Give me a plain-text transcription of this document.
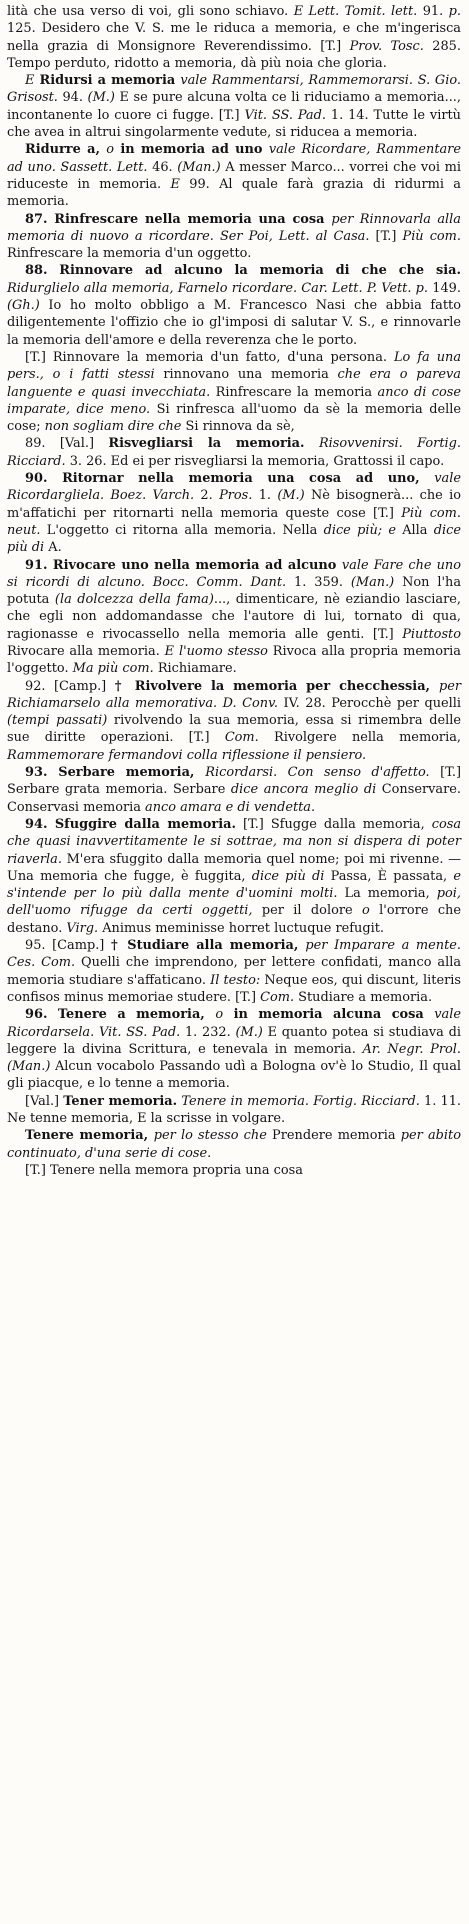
lità che usa verso di voi, gli sono schiavo. E Lett. Tomit. lett. 91. p. 125. Desidero che V. S. me le riduca a memoria, e che m'ingerisca nella grazia di Monsignore Reverendissimo. [T.] Prov. Tosc. 285. Tempo perduto, ridotto a memoria, dà più noia che gloria.

E Ridursi a memoria vale Rammentarsi, Rammemorarsi. S. Gio. Grisost. 94. (M.) E se pure alcuna volta ce li riduciamo a memoria..., incontanente lo cuore ci fugge. [T.] Vit. SS. Pad. 1. 14. Tutte le virtù che avea in altrui singolarmente vedute, si riducea a memoria.

Ridurre a, o in memoria ad uno vale Ricordare, Rammentare ad uno. Sassett. Lett. 46. (Man.) A messer Marco... vorrei che voi mi riduceste in memoria. E 99. Al quale farà grazia di ridurmi a memoria.

87. Rinfrescare nella memoria una cosa per Rinnovarla alla memoria di nuovo a ricordare. Ser Poi, Lett. al Casa. [T.] Più com. Rinfrescare la memoria d'un oggetto.

88. Rinnovare ad alcuno la memoria di che che sia. Ridurglielo alla memoria, Farnelo ricordare. Car. Lett. P. Vett. p. 149. (Gh.) Io ho molto obbligo a M. Francesco Nasi che abbia fatto diligentemente l'offizio che io gl'imposi di salutar V. S., e rinnovarle la memoria dell'amore e della reverenza che le porto.

[T.] Rinnovare la memoria d'un fatto, d'una persona. Lo fa una pers., o i fatti stessi rinnovano una memoria che era o pareva languente e quasi invecchiata. Rinfrescare la memoria anco di cose imparate, dice meno. Si rinfresca all'uomo da sè la memoria delle cose; non sogliam dire che Si rinnova da sè,

89. [Val.] Risvegliarsi la memoria. Risovvenirsi. Fortig. Ricciard. 3. 26. Ed ei per risvegliarsi la memoria, Grattossi il capo.

90. Ritornar nella memoria una cosa ad uno, vale Ricordargliela. Boez. Varch. 2. Pros. 1. (M.) Nè bisognerà... che io m'affatichi per ritornarti nella memoria queste cose [T.] Più com. neut. L'oggetto ci ritorna alla memoria. Nella dice più; e Alla dice più di A.

91. Rivocare uno nella memoria ad alcuno vale Fare che uno si ricordi di alcuno. Bocc. Comm. Dant. 1. 359. (Man.) Non l'ha potuta (la dolcezza della fama)..., dimenticare, nè eziandio lasciare, che egli non addomandasse che l'autore di lui, tornato di qua, ragionasse e rivocassello nella memoria alle genti. [T.] Piuttosto Rivocare alla memoria. E l'uomo stesso Rivoca alla propria memoria l'oggetto. Ma più com. Richiamare.

92. [Camp.] † Rivolvere la memoria per checchessia, per Richiamarselo alla memorativa. D. Conv. IV. 28. Perocchè per quelli (tempi passati) rivolvendo la sua memoria, essa si rimembra delle sue diritte operazioni. [T.] Com. Rivolgere nella memoria, Rammemorare fermandovi colla riflessione il pensiero.

93. Serbare memoria, Ricordarsi. Con senso d'affetto. [T.] Serbare grata memoria. Serbare dice ancora meglio di Conservare. Conservasi memoria anco amara e di vendetta.

94. Sfuggire dalla memoria. [T.] Sfugge dalla memoria, cosa che quasi inavvertitamente le si sottrae, ma non si dispera di poter riaverla. M'era sfuggito dalla memoria quel nome; poi mi rivenne. — Una memoria che fugge, è fuggita, dice più di Passa, È passata, e s'intende per lo più dalla mente d'uomini molti. La memoria, poi, dell'uomo rifugge da certi oggetti, per il dolore o l'orrore che destano. Virg. Animus meminisse horret luctuque refugit.

95. [Camp.] † Studiare alla memoria, per Imparare a mente. Ces. Com. Quelli che imprendono, per lettere confidati, manco alla memoria studiare s'affaticano. Il testo: Neque eos, qui discunt, literis confisos minus memoriae studere. [T.] Com. Studiare a memoria.

96. Tenere a memoria, o in memoria alcuna cosa vale Ricordarsela. Vit. SS. Pad. 1. 232. (M.) E quanto potea si studiava di leggere la divina Scrittura, e tenevala in memoria. Ar. Negr. Prol. (Man.) Alcun vocabolo Passando udì a Bologna ov'è lo Studio, Il qual gli piacque, e lo tenne a memoria.

[Val.] Tener memoria. Tenere in memoria. Fortig. Ricciard. 1. 11. Ne tenne memoria, E la scrisse in volgare.

Tenere memoria, per lo stesso che Prendere memoria per abito continuato, d'una serie di cose.

[T.] Tenere nella memora propria una cosa
